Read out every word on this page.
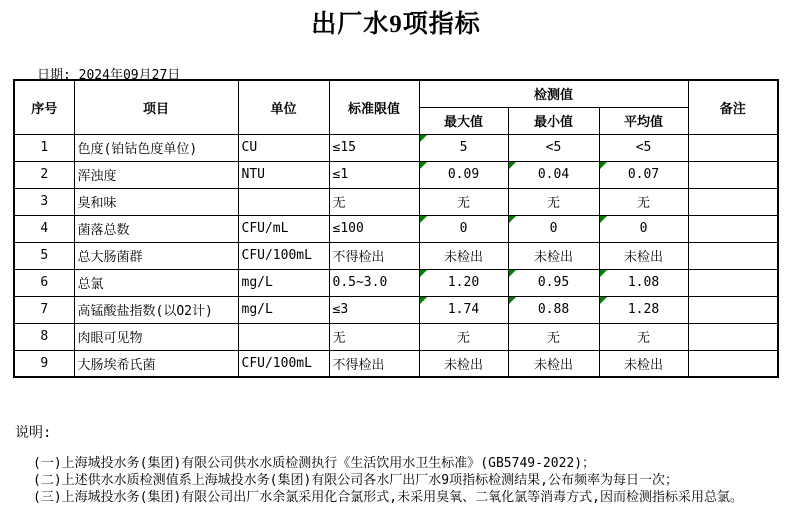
出厂水9项指标
日期: 2024年09月27日
序号	项目	单位	标准限值	检测值			备注
				最大值	最小值	平均值	
1	色度(铂钴色度单位)	CU	≤15	5	<5	<5	
2	浑浊度	NTU	≤1	0.09	0.04	0.07

3	臭和味		无	无	无	无	
4	菌落总数	CFU/mL	≤100	0	0	0

5	总大肠菌群	CFU/100mL	不得检出	未检出	未检出	未检出	
6	总氯	mg/L	0.5~3.0	1.20	0.95	1.08

7	高锰酸盐指数(以O2计)	mg/L	≤3	1.74	0.88	1.28

8	肉眼可见物		无	无	无	无	
9	大肠埃希氏菌	CFU/100mL	不得检出	未检出	未检出	未检出	
说明:
(一)上海城投水务(集团)有限公司供水水质检测执行《生活饮用水卫生标准》(GB5749-2022)；
(二)上述供水水质检测值系上海城投水务(集团)有限公司各水厂出厂水9项指标检测结果,公布频率为每日一次；
(三)上海城投水务(集团)有限公司出厂水余氯采用化合氯形式,未采用臭氧、二氧化氯等消毒方式,因而检测指标采用总氯。
